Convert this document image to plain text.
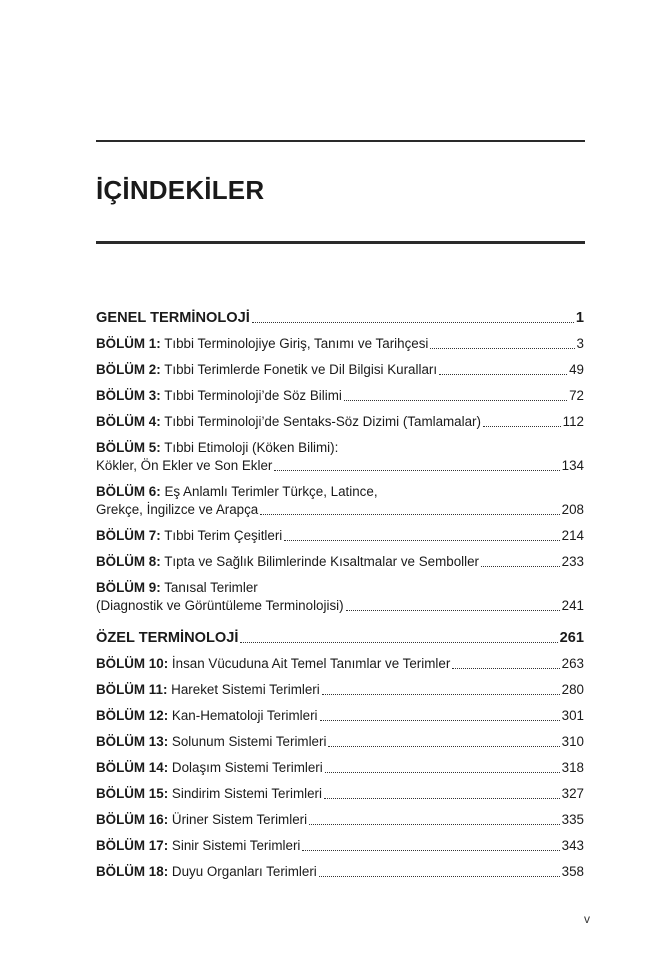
İÇİNDEKİLER
GENEL TERMİNOLOJİ	1
BÖLÜM 1: Tıbbi Terminolojiye Giriş, Tanımı ve Tarihçesi	3
BÖLÜM 2: Tıbbi Terimlerde Fonetik ve Dil Bilgisi Kuralları	49
BÖLÜM 3: Tıbbi Terminoloji’de Söz Bilimi	72
BÖLÜM 4: Tıbbi Terminoloji’de Sentaks-Söz Dizimi (Tamlamalar)	112
BÖLÜM 5: Tıbbi Etimoloji (Köken Bilimi):
Kökler, Ön Ekler ve Son Ekler	134
BÖLÜM 6: Eş Anlamlı Terimler Türkçe, Latince,
Grekçe, İngilizce ve Arapça	208
BÖLÜM 7: Tıbbi Terim Çeşitleri	214
BÖLÜM 8: Tıpta ve Sağlık Bilimlerinde Kısaltmalar ve Semboller	233
BÖLÜM 9: Tanısal Terimler
(Diagnostik ve Görüntüleme Terminolojisi)	241
ÖZEL TERMİNOLOJİ	261
BÖLÜM 10: İnsan Vücuduna Ait Temel Tanımlar ve Terimler	263
BÖLÜM 11: Hareket Sistemi Terimleri	280
BÖLÜM 12: Kan-Hematoloji Terimleri	301
BÖLÜM 13: Solunum Sistemi Terimleri	310
BÖLÜM 14: Dolaşım Sistemi Terimleri	318
BÖLÜM 15: Sindirim Sistemi Terimleri	327
BÖLÜM 16: Üriner Sistem Terimleri	335
BÖLÜM 17: Sinir Sistemi Terimleri	343
BÖLÜM 18: Duyu Organları Terimleri	358
v
